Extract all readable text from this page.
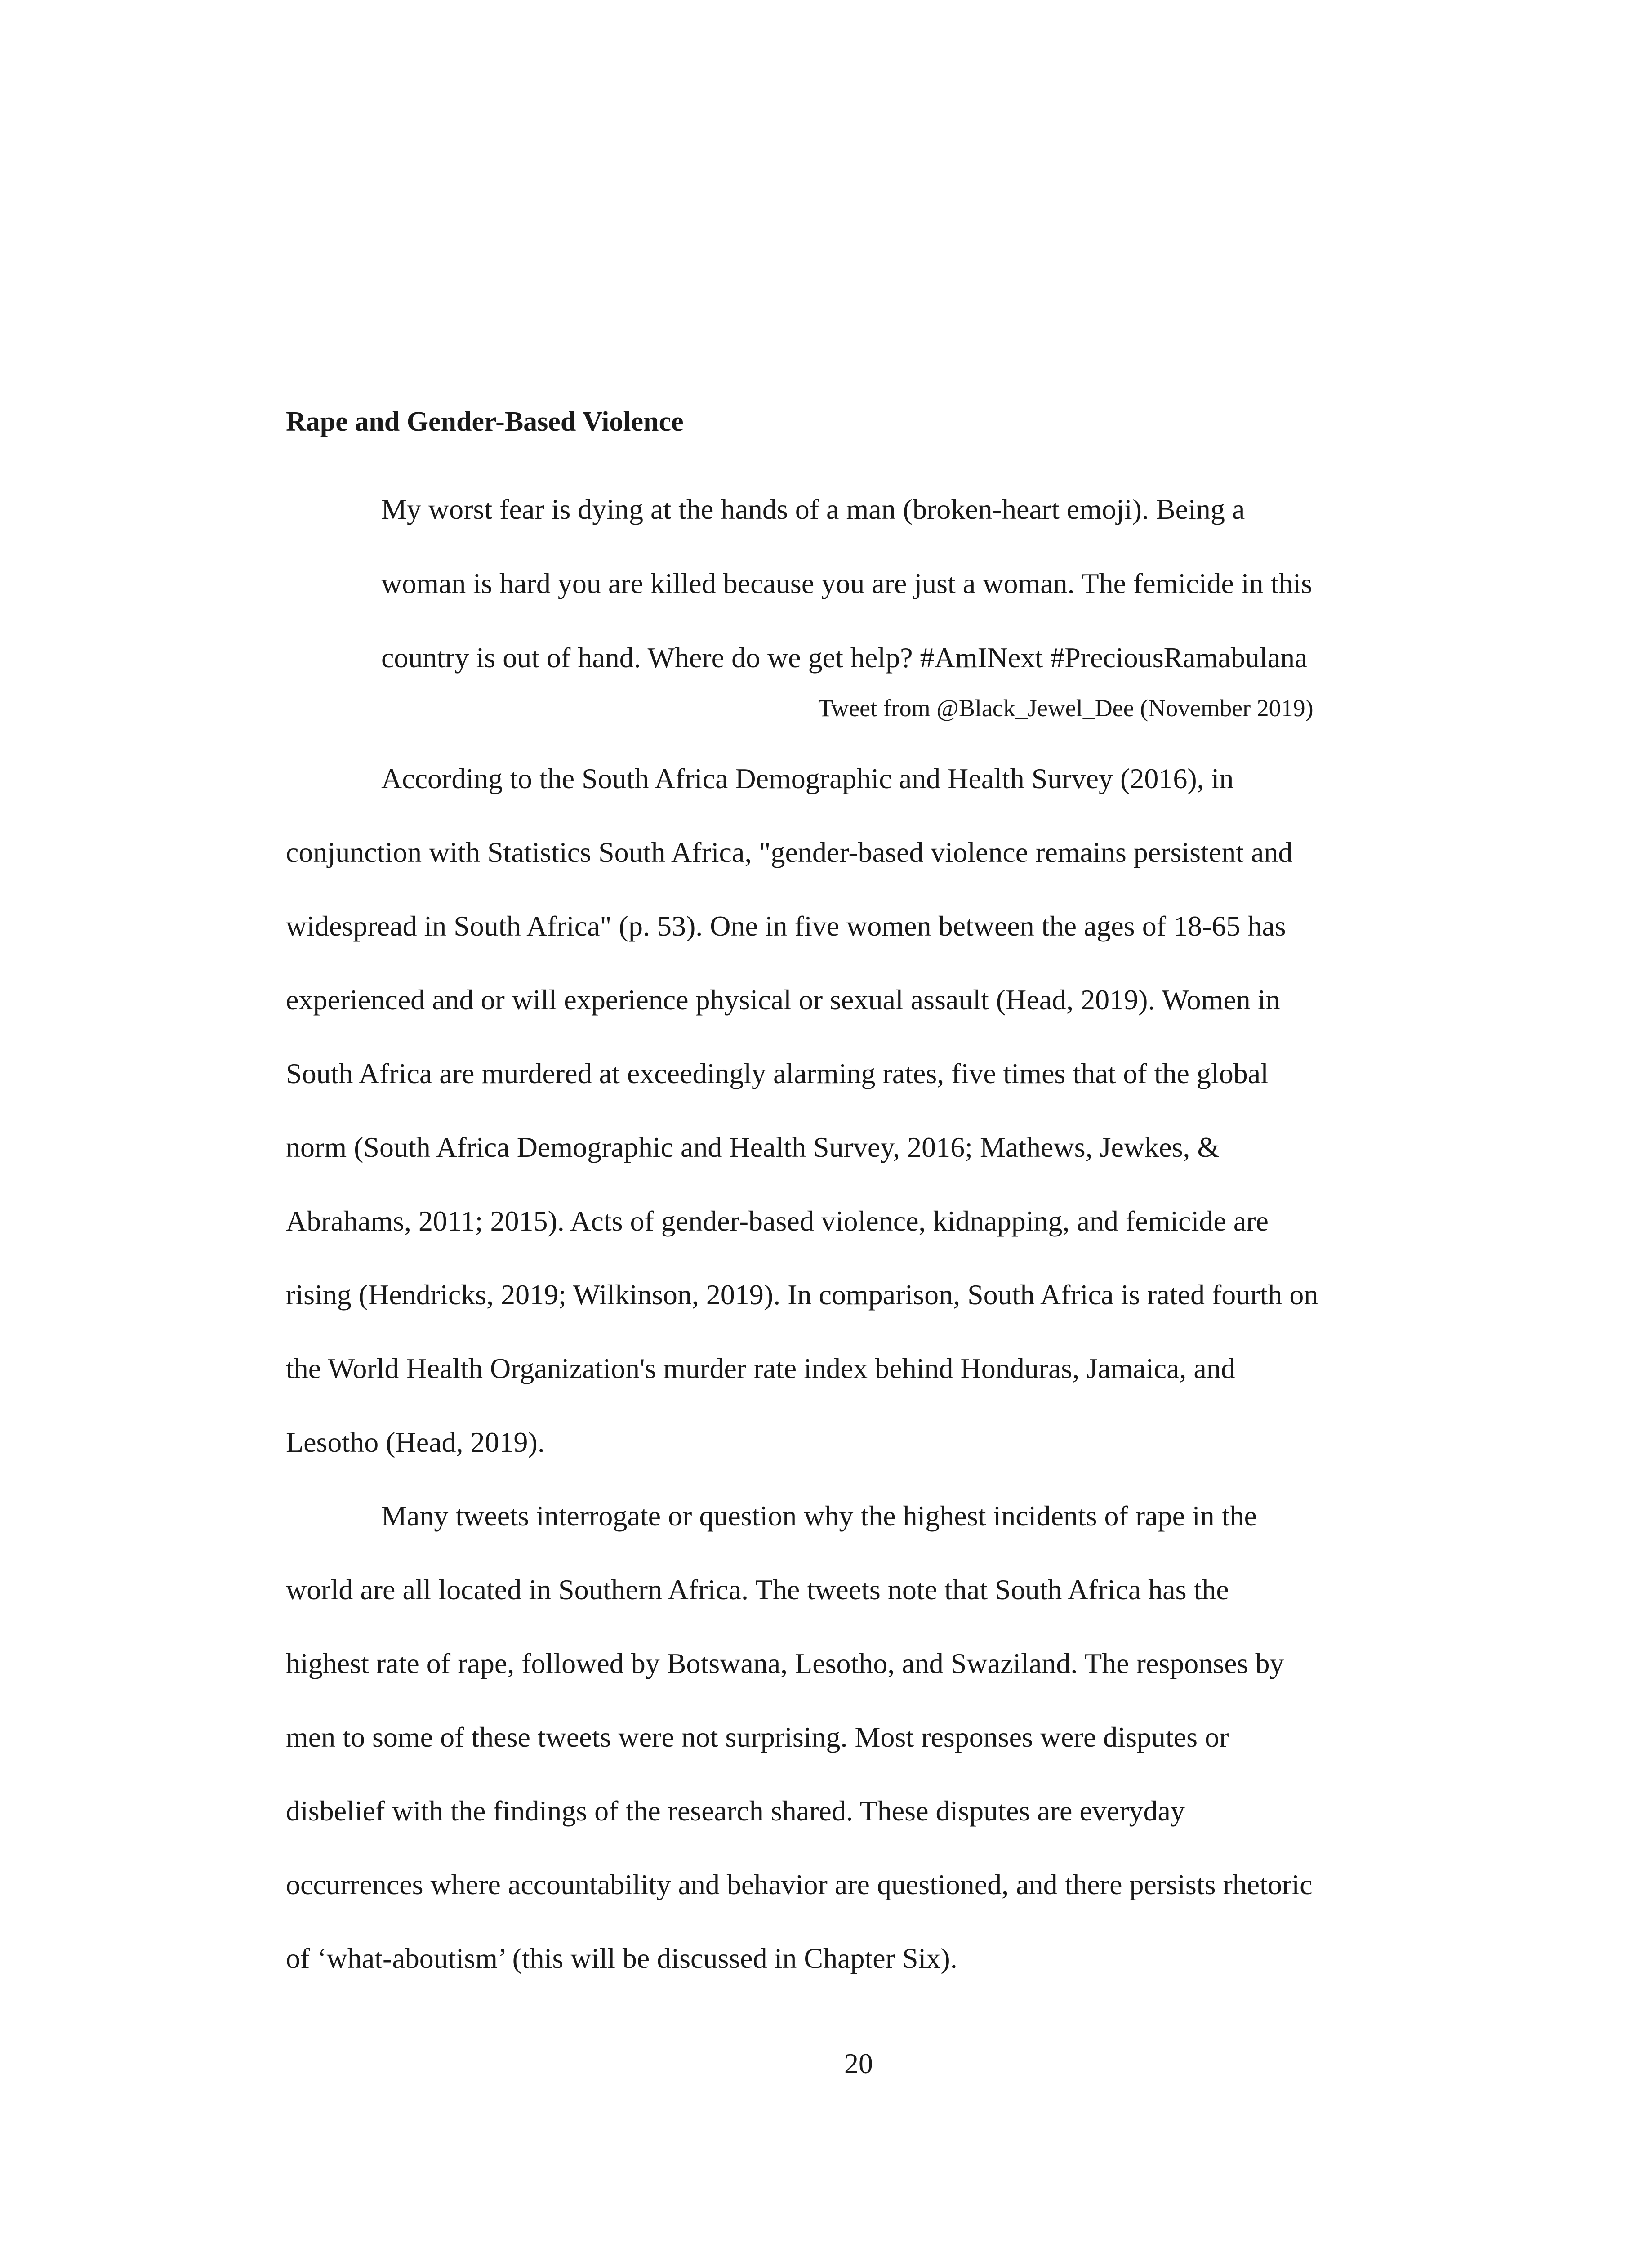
Rape and Gender-Based Violence
My worst fear is dying at the hands of a man (broken-heart emoji). Being a
woman is hard you are killed because you are just a woman. The femicide in this
country is out of hand. Where do we get help? #AmINext #PreciousRamabulana
Tweet from @Black_Jewel_Dee (November 2019)
According to the South Africa Demographic and Health Survey (2016), in
conjunction with Statistics South Africa, "gender-based violence remains persistent and
widespread in South Africa" (p. 53). One in five women between the ages of 18-65 has
experienced and or will experience physical or sexual assault (Head, 2019). Women in
South Africa are murdered at exceedingly alarming rates, five times that of the global
norm (South Africa Demographic and Health Survey, 2016; Mathews, Jewkes, &
Abrahams, 2011; 2015). Acts of gender-based violence, kidnapping, and femicide are
rising (Hendricks, 2019; Wilkinson, 2019). In comparison, South Africa is rated fourth on
the World Health Organization's murder rate index behind Honduras, Jamaica, and
Lesotho (Head, 2019).
Many tweets interrogate or question why the highest incidents of rape in the
world are all located in Southern Africa. The tweets note that South Africa has the
highest rate of rape, followed by Botswana, Lesotho, and Swaziland. The responses by
men to some of these tweets were not surprising. Most responses were disputes or
disbelief with the findings of the research shared. These disputes are everyday
occurrences where accountability and behavior are questioned, and there persists rhetoric
of ‘what-aboutism’ (this will be discussed in Chapter Six).
20
